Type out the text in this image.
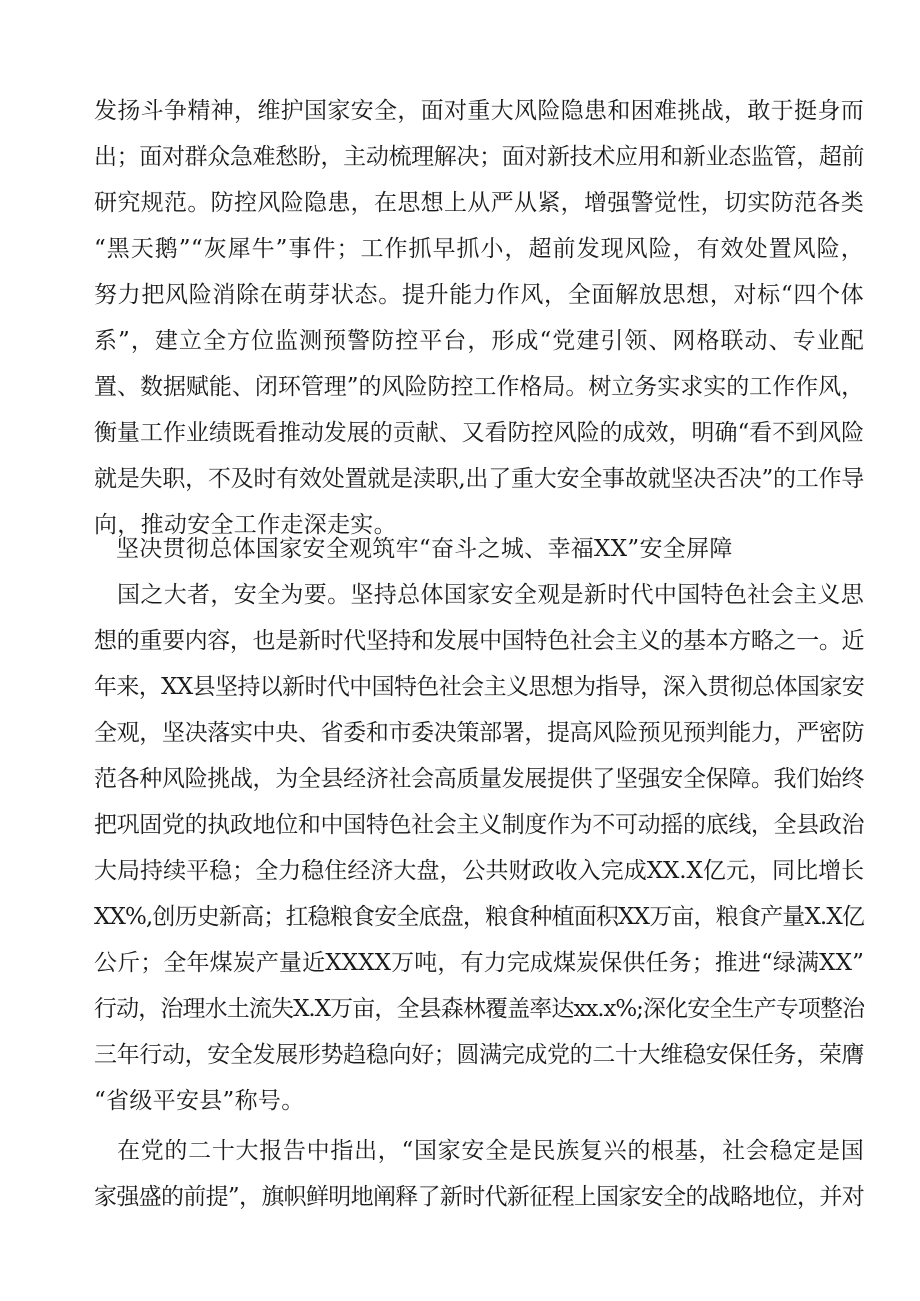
发扬斗争精神，维护国家安全，面对重大风险隐患和困难挑战，敢于挺身而
出；面对群众急难愁盼，主动梳理解决；面对新技术应用和新业态监管，超前
研究规范。防控风险隐患，在思想上从严从紧，增强警觉性，切实防范各类
“黑天鹅”“灰犀牛”事件；工作抓早抓小，超前发现风险，有效处置风险，
努力把风险消除在萌芽状态。提升能力作风，全面解放思想，对标“四个体
系”，建立全方位监测预警防控平台，形成“党建引领、网格联动、专业配
置、数据赋能、闭环管理”的风险防控工作格局。树立务实求实的工作作风，
衡量工作业绩既看推动发展的贡献、又看防控风险的成效，明确“看不到风险
就是失职，不及时有效处置就是渎职,出了重大安全事故就坚决否决”的工作导
向，推动安全工作走深走实。
坚决贯彻总体国家安全观筑牢“奋斗之城、幸福XX”安全屏障
国之大者，安全为要。坚持总体国家安全观是新时代中国特色社会主义思
想的重要内容，也是新时代坚持和发展中国特色社会主义的基本方略之一。近
年来，XX县坚持以新时代中国特色社会主义思想为指导，深入贯彻总体国家安
全观，坚决落实中央、省委和市委决策部署，提高风险预见预判能力，严密防
范各种风险挑战，为全县经济社会高质量发展提供了坚强安全保障。我们始终
把巩固党的执政地位和中国特色社会主义制度作为不可动摇的底线，全县政治
大局持续平稳；全力稳住经济大盘，公共财政收入完成XX.X亿元，同比增长
XX%,创历史新高；扛稳粮食安全底盘，粮食种植面积XX万亩，粮食产量X.X亿
公斤；全年煤炭产量近XXXX万吨，有力完成煤炭保供任务；推进“绿满XX”
行动，治理水土流失X.X万亩，全县森林覆盖率达xx.x%;深化安全生产专项整治
三年行动，安全发展形势趋稳向好；圆满完成党的二十大维稳安保任务，荣膺
“省级平安县”称号。
在党的二十大报告中指出，“国家安全是民族复兴的根基，社会稳定是国
家强盛的前提”，旗帜鲜明地阐释了新时代新征程上国家安全的战略地位，并对
